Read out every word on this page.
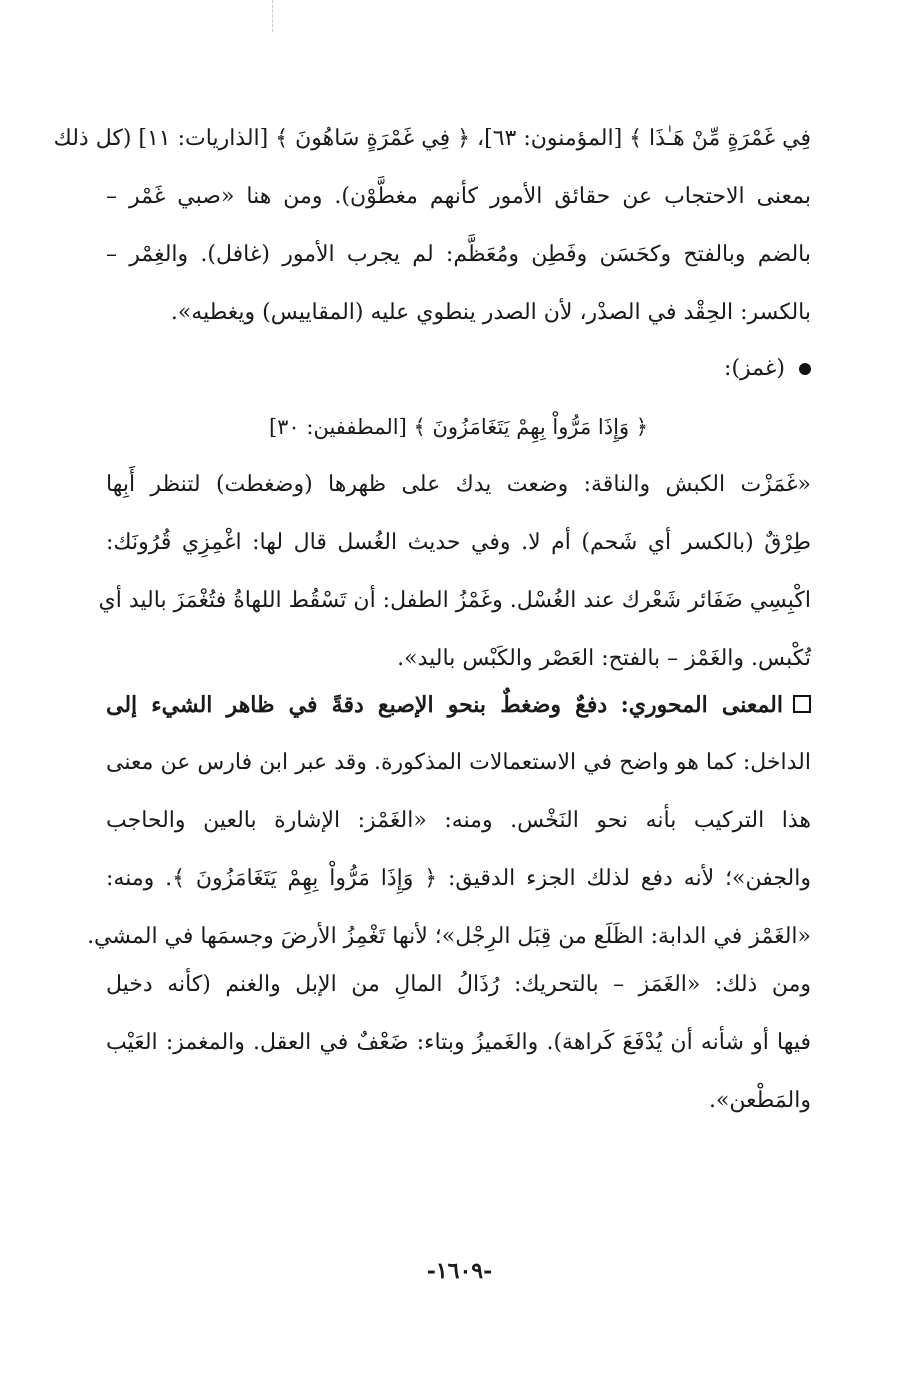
فِي غَمْرَةٍ مِّنْ هَـٰذَا ﴾ [المؤمنون: ٦٣]، ﴿ فِي غَمْرَةٍ سَاهُونَ ﴾ [الذاريات: ١١] (كل ذلك
بمعنى الاحتجاب عن حقائق الأمور كأنهم مغطَّوْن). ومن هنا «صبي غَمْر –
بالضم وبالفتح وكحَسَن وفَطِن ومُعَظَّم: لم يجرب الأمور (غافل). والغِمْر –
بالكسر: الحِقْد في الصدْر، لأن الصدر ينطوي عليه (المقاييس) ويغطيه».
(غمز):
﴿ وَإِذَا مَرُّواْ بِهِمْ يَتَغَامَزُونَ ﴾ [المطففين: ٣٠]
«غَمَزْت الكبش والناقة: وضعت يدك على ظهرها (وضغطت) لتنظر أَبِها
طِرْقٌ (بالكسر أي شَحم) أم لا. وفي حديث الغُسل قال لها: اغْمِزِي قُرُونَك:
اكْبِسِي ضَفَائر شَعْرك عند الغُسْل. وغَمْزُ الطفل: أن تَسْقُط اللهاةُ فتُغْمَزَ باليد أي
تُكْبس. والغَمْز – بالفتح: العَصْر والكَبْس باليد».
المعنى المحوري: دفعٌ وضغطٌ بنحو الإصبع دقةً في ظاهر الشيء إلى
الداخل: كما هو واضح في الاستعمالات المذكورة. وقد عبر ابن فارس عن معنى
هذا التركيب بأنه نحو النَخْس. ومنه: «الغَمْز: الإشارة بالعين والحاجب
والجفن»؛ لأنه دفع لذلك الجزء الدقيق: ﴿ وَإِذَا مَرُّواْ بِهِمْ يَتَغَامَزُونَ ﴾. ومنه:
«الغَمْز في الدابة: الظَلَع من قِبَل الرِجْل»؛ لأنها تَغْمِزُ الأرضَ وجسمَها في المشي.
ومن ذلك: «الغَمَز – بالتحريك: رُذَالُ المالِ من الإبل والغنم (كأنه دخيل
فيها أو شأنه أن يُدْفَعَ كَراهة). والغَميزُ وبتاء: ضَعْفٌ في العقل. والمغمز: العَيْب
والمَطْعن».
-١٦٠٩-
